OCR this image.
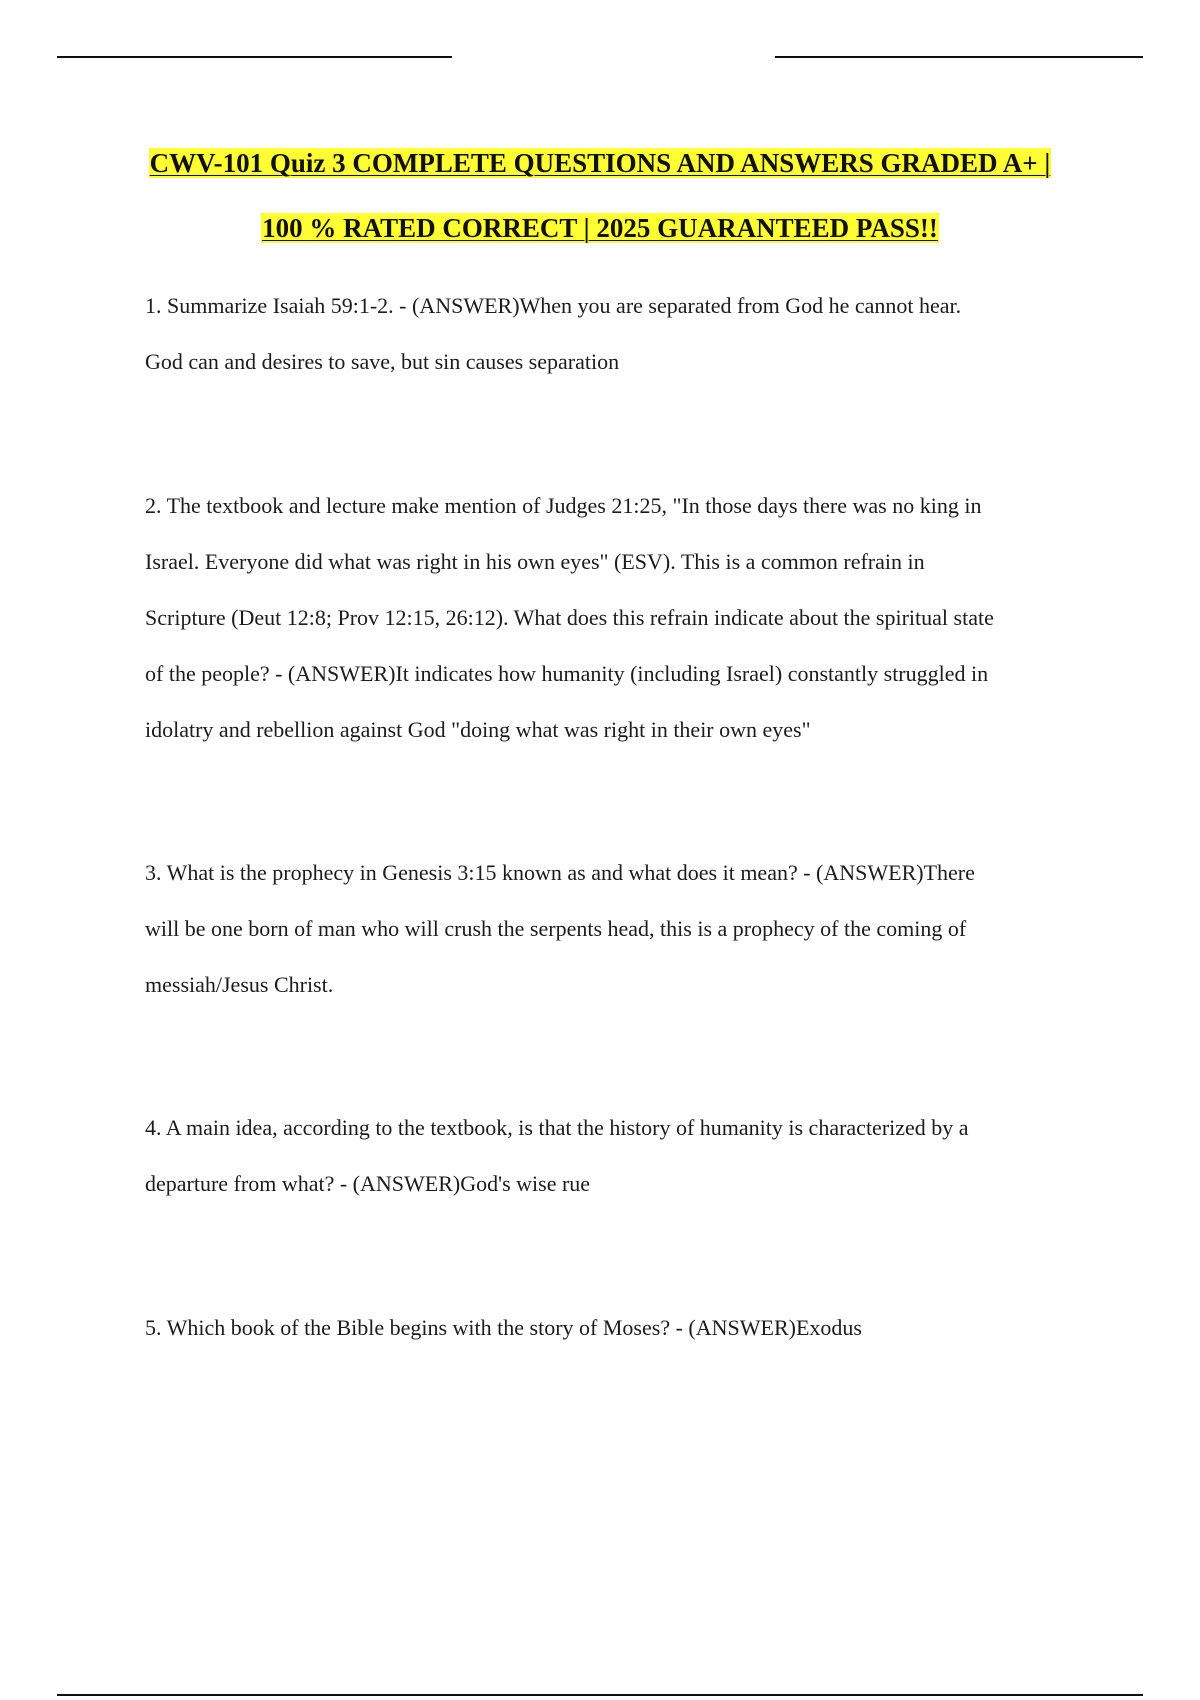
CWV-101 Quiz 3 COMPLETE QUESTIONS AND ANSWERS GRADED A+ |
100 % RATED CORRECT | 2025 GUARANTEED PASS!!

1. Summarize Isaiah 59:1-2. - (ANSWER)When you are separated from God he cannot hear.

God can and desires to save, but sin causes separation

2. The textbook and lecture make mention of Judges 21:25, "In those days there was no king in

Israel. Everyone did what was right in his own eyes" (ESV). This is a common refrain in

Scripture (Deut 12:8; Prov 12:15, 26:12). What does this refrain indicate about the spiritual state

of the people? - (ANSWER)It indicates how humanity (including Israel) constantly struggled in

idolatry and rebellion against God "doing what was right in their own eyes"

3. What is the prophecy in Genesis 3:15 known as and what does it mean? - (ANSWER)There

will be one born of man who will crush the serpents head, this is a prophecy of the coming of

messiah/Jesus Christ.

4. A main idea, according to the textbook, is that the history of humanity is characterized by a

departure from what? - (ANSWER)God's wise rue

5. Which book of the Bible begins with the story of Moses? - (ANSWER)Exodus
